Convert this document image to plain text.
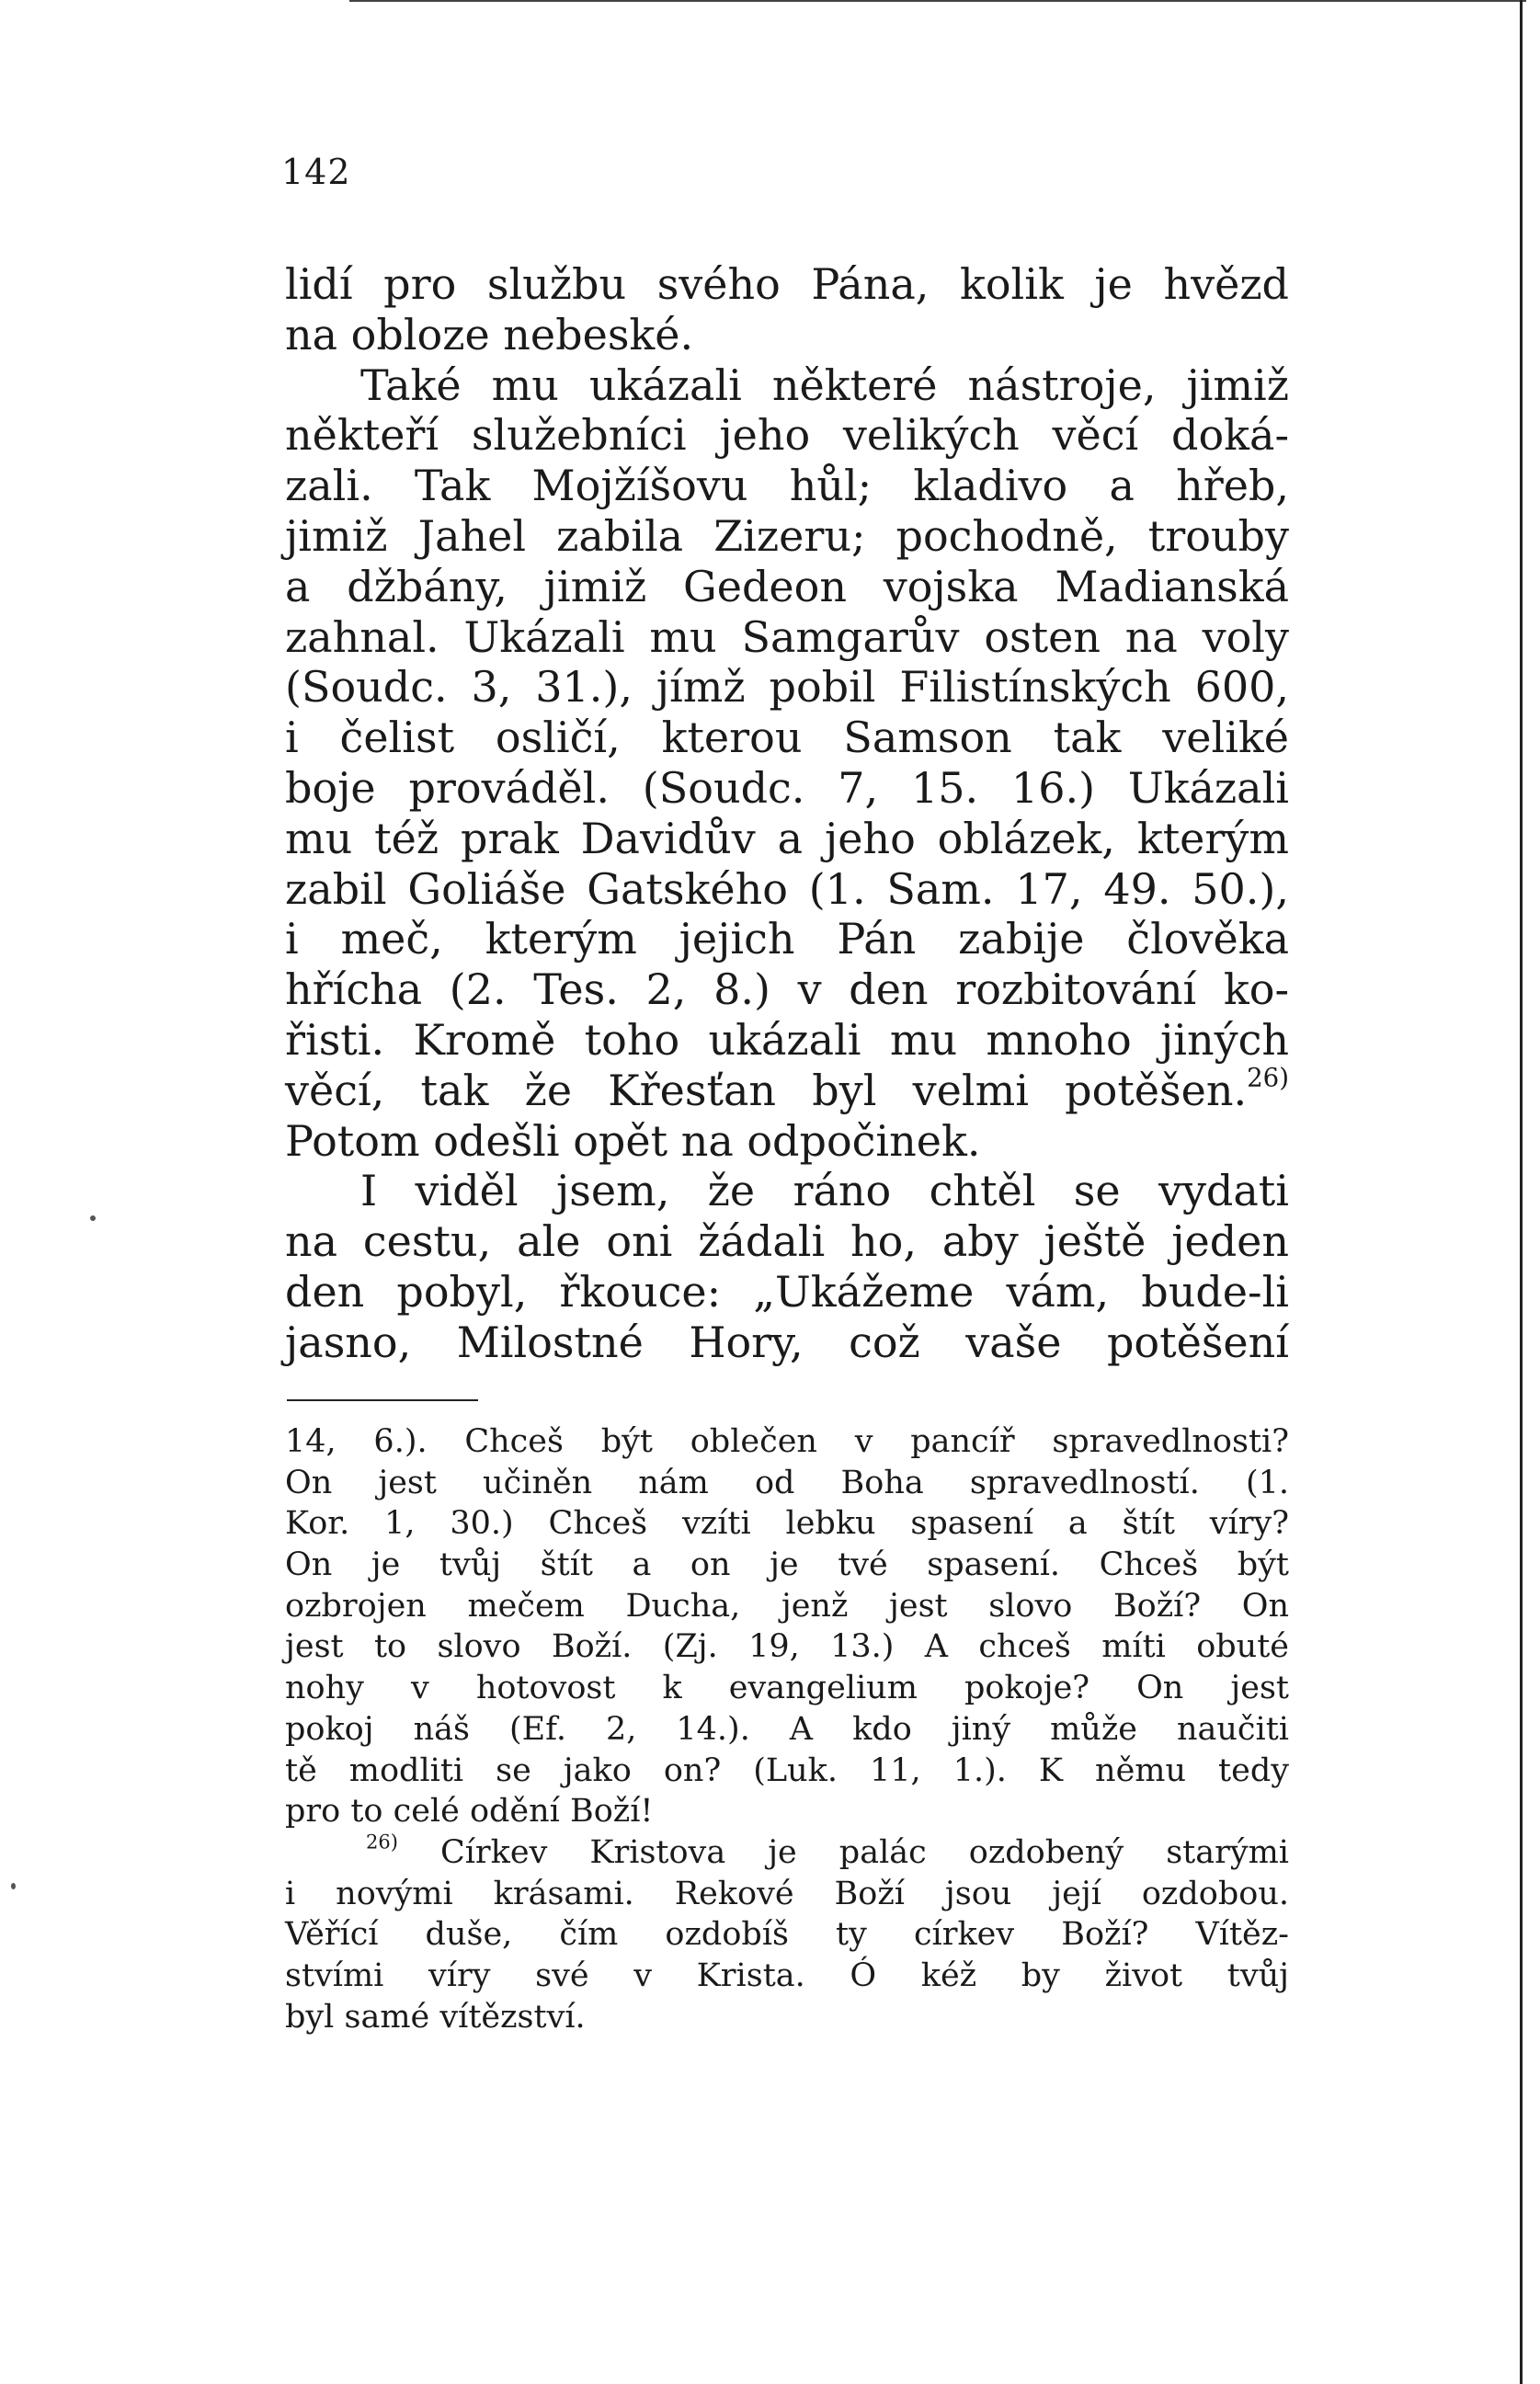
142
lidí pro službu svého Pána, kolik je hvězd
na obloze nebeské.
Také mu ukázali některé nástroje, jimiž
někteří služebníci jeho velikých věcí doká-
zali. Tak Mojžíšovu hůl; kladivo a hřeb,
jimiž Jahel zabila Zizeru; pochodně, trouby
a džbány, jimiž Gedeon vojska Madianská
zahnal. Ukázali mu Samgarův osten na voly
(Soudc. 3, 31.), jímž pobil Filistínských 600,
i čelist osličí, kterou Samson tak veliké
boje prováděl. (Soudc. 7, 15. 16.) Ukázali
mu též prak Davidův a jeho oblázek, kterým
zabil Goliáše Gatského (1. Sam. 17, 49. 50.),
i meč, kterým jejich Pán zabije člověka
hřícha (2. Tes. 2, 8.) v den rozbitování ko-
řisti. Kromě toho ukázali mu mnoho jiných
věcí, tak že Křesťan byl velmi potěšen.$^{26)}$
Potom odešli opět na odpočinek.
I viděl jsem, že ráno chtěl se vydati
na cestu, ale oni žádali ho, aby ještě jeden
den pobyl, řkouce: „Ukážeme vám, bude-li
jasno, Milostné Hory, což vaše potěšení
14, 6.). Chceš být oblečen v pancíř spravedlnosti?
On jest učiněn nám od Boha spravedlností. (1.
Kor. 1, 30.) Chceš vzíti lebku spasení a štít víry?
On je tvůj štít a on je tvé spasení. Chceš být
ozbrojen mečem Ducha, jenž jest slovo Boží? On
jest to slovo Boží. (Zj. 19, 13.) A chceš míti obuté
nohy v hotovost k evangelium pokoje? On jest
pokoj náš (Ef. 2, 14.). A kdo jiný může naučiti
tě modliti se jako on? (Luk. 11, 1.). K němu tedy
pro to celé odění Boží!
$^{26)}$ Církev Kristova je palác ozdobený starými
i novými krásami. Rekové Boží jsou její ozdobou.
Věřící duše, čím ozdobíš ty církev Boží? Vítěz-
stvími víry své v Krista. Ó kéž by život tvůj
byl samé vítězství.
